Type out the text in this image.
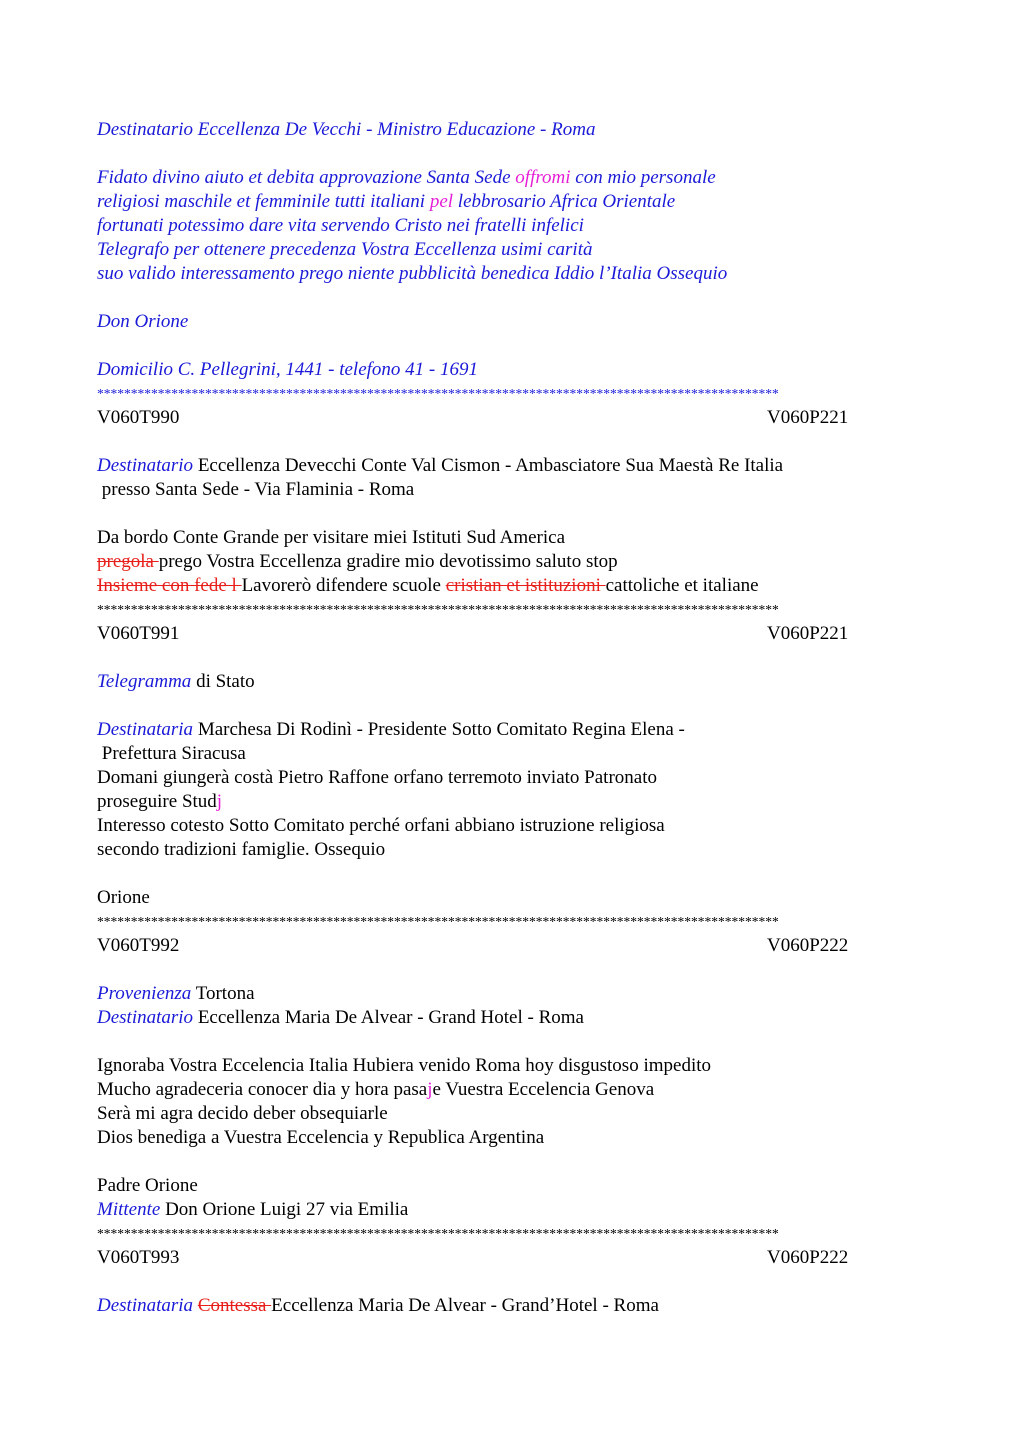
Destinatario Eccellenza De Vecchi - Ministro Educazione - Roma
Fidato divino aiuto et debita approvazione Santa Sede offromi con mio personale
religiosi maschile et femminile tutti italiani pel lebbrosario Africa Orientale
fortunati potessimo dare vita servendo Cristo nei fratelli infelici
Telegrafo per ottenere precedenza Vostra Eccellenza usimi carità
suo valido interessamento prego niente pubblicità benedica Iddio l’Italia Ossequio
Don Orione
Domicilio C. Pellegrini, 1441 - telefono 41 - 1691
*****************************************************************************************************
V060T990	V060P221
Destinatario Eccellenza Devecchi Conte Val Cismon - Ambasciatore Sua Maestà Re Italia
presso Santa Sede - Via Flaminia - Roma
Da bordo Conte Grande per visitare miei Istituti Sud America
pregola prego Vostra Eccellenza gradire mio devotissimo saluto stop
Insieme con fede l Lavorerò difendere scuole cristian et istituzioni cattoliche et italiane
*****************************************************************************************************
V060T991	V060P221
Telegramma di Stato
Destinataria Marchesa Di Rodinì - Presidente Sotto Comitato Regina Elena -
Prefettura Siracusa
Domani giungerà costà Pietro Raffone orfano terremoto inviato Patronato
proseguire Studj
Interesso cotesto Sotto Comitato perché orfani abbiano istruzione religiosa
secondo tradizioni famiglie. Ossequio
Orione
*****************************************************************************************************
V060T992	V060P222
Provenienza Tortona
Destinatario Eccellenza Maria De Alvear - Grand Hotel - Roma
Ignoraba Vostra Eccelencia Italia Hubiera venido Roma hoy disgustoso impedito
Mucho agradeceria conocer dia y hora pasaje Vuestra Eccelencia Genova
Serà mi agra decido deber obsequiarle
Dios benediga a Vuestra Eccelencia y Republica Argentina
Padre Orione
Mittente Don Orione Luigi 27 via Emilia
*****************************************************************************************************
V060T993	V060P222
Destinataria Contessa Eccellenza Maria De Alvear - Grand’Hotel - Roma
